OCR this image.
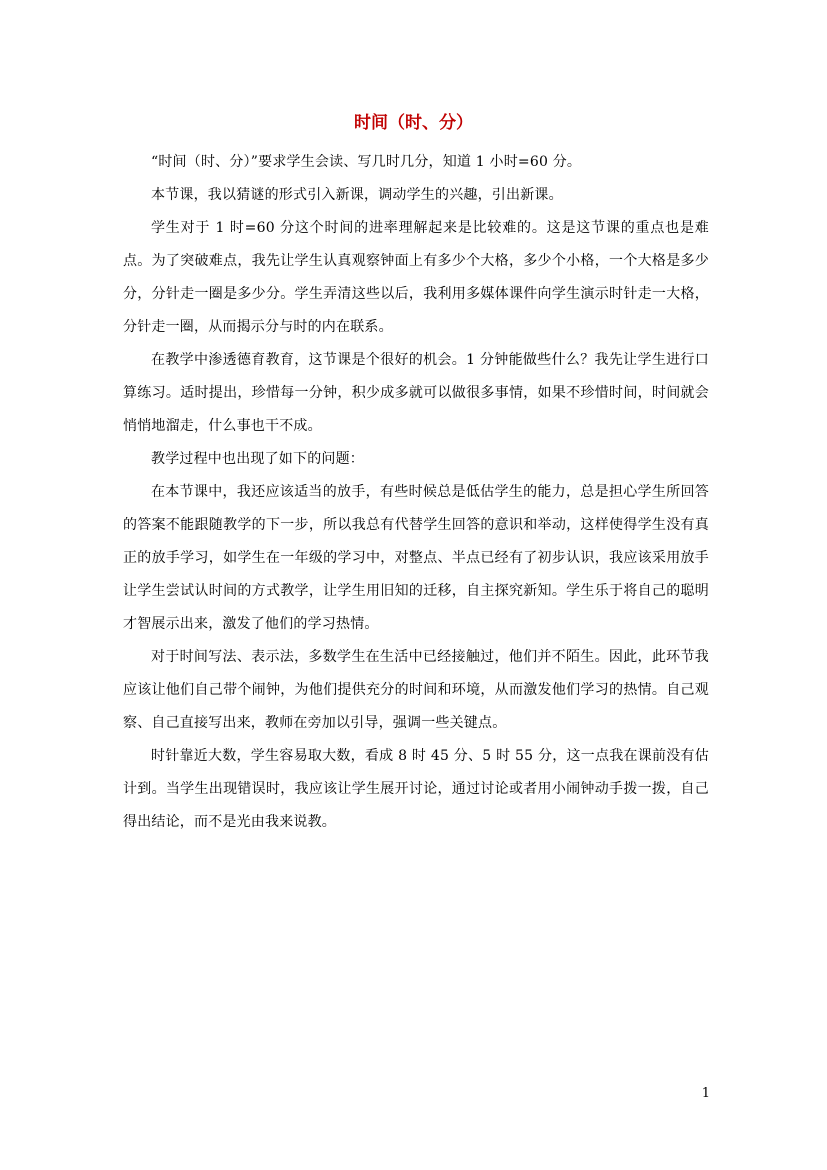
时间（时、分）

“时间（时、分）”要求学生会读、写几时几分，知道 1 小时=60 分。

本节课，我以猜谜的形式引入新课，调动学生的兴趣，引出新课。

学生对于 1 时=60 分这个时间的进率理解起来是比较难的。这是这节课的重点也是难点。为了突破难点，我先让学生认真观察钟面上有多少个大格，多少个小格，一个大格是多少分，分针走一圈是多少分。学生弄清这些以后，我利用多媒体课件向学生演示时针走一大格，分针走一圈，从而揭示分与时的内在联系。

在教学中渗透德育教育，这节课是个很好的机会。1 分钟能做些什么？我先让学生进行口算练习。适时提出，珍惜每一分钟，积少成多就可以做很多事情，如果不珍惜时间，时间就会悄悄地溜走，什么事也干不成。

教学过程中也出现了如下的问题：

在本节课中，我还应该适当的放手，有些时候总是低估学生的能力，总是担心学生所回答的答案不能跟随教学的下一步，所以我总有代替学生回答的意识和举动，这样使得学生没有真正的放手学习，如学生在一年级的学习中，对整点、半点已经有了初步认识，我应该采用放手让学生尝试认时间的方式教学，让学生用旧知的迁移，自主探究新知。学生乐于将自己的聪明才智展示出来，激发了他们的学习热情。

对于时间写法、表示法，多数学生在生活中已经接触过，他们并不陌生。因此，此环节我应该让他们自己带个闹钟，为他们提供充分的时间和环境，从而激发他们学习的热情。自己观察、自己直接写出来，教师在旁加以引导，强调一些关键点。

时针靠近大数，学生容易取大数，看成 8 时 45 分、5 时 55 分，这一点我在课前没有估计到。当学生出现错误时，我应该让学生展开讨论，通过讨论或者用小闹钟动手拨一拨，自己得出结论，而不是光由我来说教。

1
